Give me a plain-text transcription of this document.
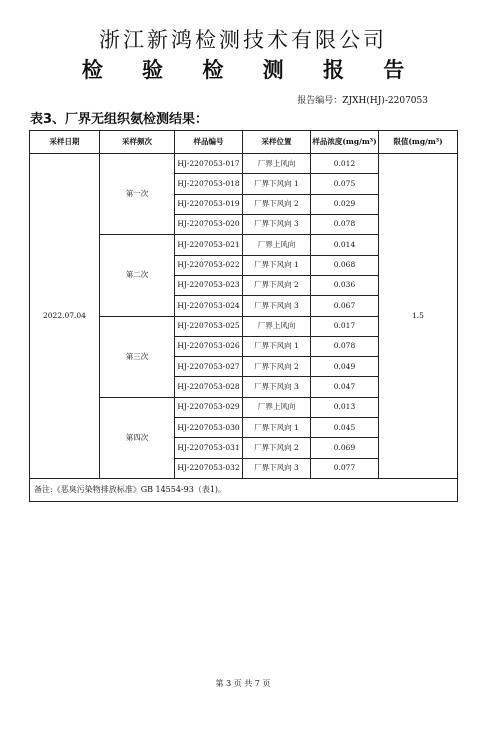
浙江新鸿检测技术有限公司
检 验 检 测 报 告
报告编号：ZJXH(HJ)-2207053
表3、厂界无组织氨检测结果：
采样日期	采样频次	样品编号	采样位置	样品浓度(mg/m³)	限值(mg/m³)
2022.07.04	第一次	HJ-2207053-017	厂界上风向	0.012	1.5
		HJ-2207053-018	厂界下风向 1	0.075	
		HJ-2207053-019	厂界下风向 2	0.029	
		HJ-2207053-020	厂界下风向 3	0.078	
	第二次	HJ-2207053-021	厂界上风向	0.014	
		HJ-2207053-022	厂界下风向 1	0.068	
		HJ-2207053-023	厂界下风向 2	0.036	
		HJ-2207053-024	厂界下风向 3	0.067	
	第三次	HJ-2207053-025	厂界上风向	0.017	
		HJ-2207053-026	厂界下风向 1	0.078	
		HJ-2207053-027	厂界下风向 2	0.049	
		HJ-2207053-028	厂界下风向 3	0.047	
	第四次	HJ-2207053-029	厂界上风向	0.013	
		HJ-2207053-030	厂界下风向 1	0.045	
		HJ-2207053-031	厂界下风向 2	0.069	
		HJ-2207053-032	厂界下风向 3	0.077	
备注:《恶臭污染物排放标准》GB 14554-93（表1)。					
第 3 页 共 7 页
